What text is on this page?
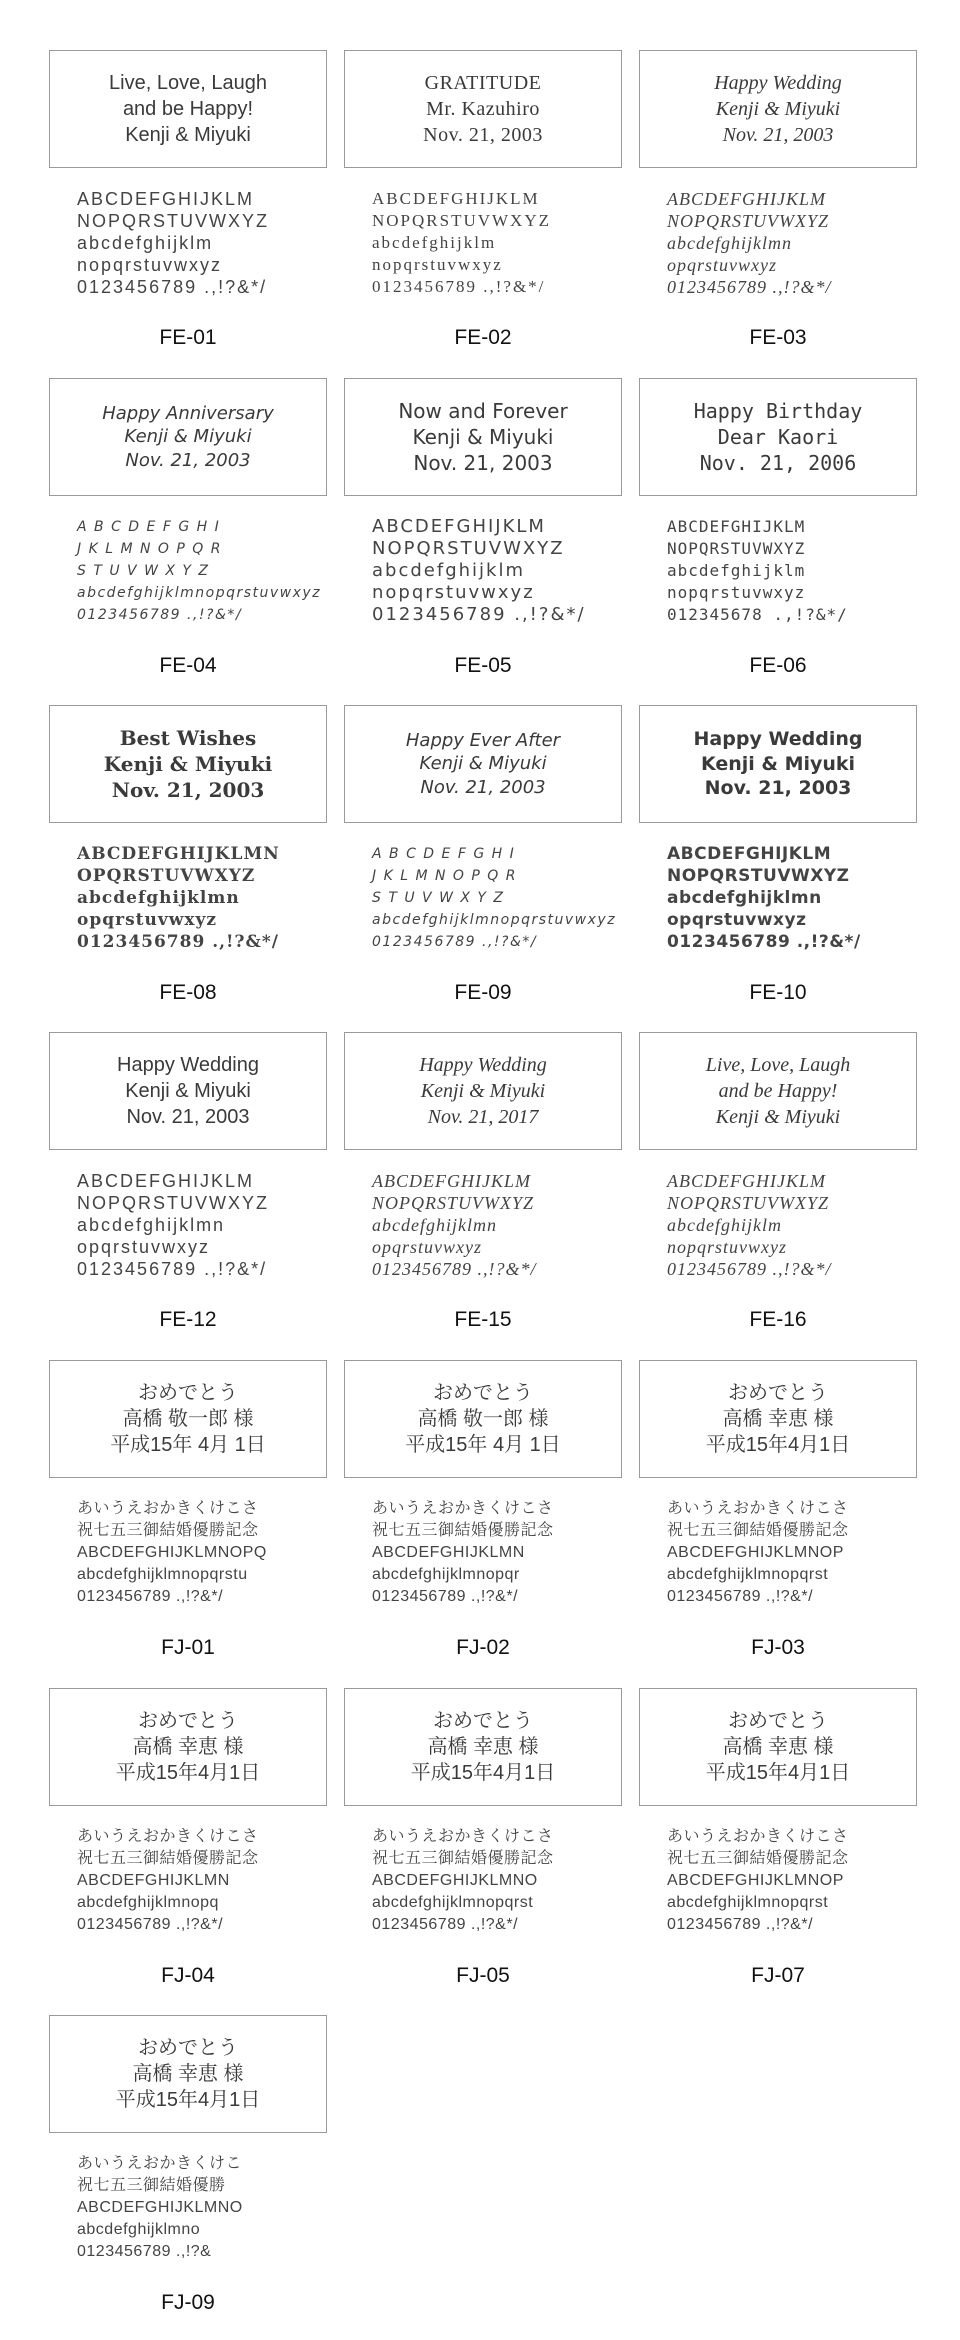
Live, Love, Laugh
and be Happy!
Kenji & Miyuki
ABCDEFGHIJKLM
NOPQRSTUVWXYZ
abcdefghijklm
nopqrstuvwxyz
0123456789 .,!?&*/
FE-01
GRATITUDE
Mr. Kazuhiro
Nov. 21, 2003
ABCDEFGHIJKLM
NOPQRSTUVWXYZ
abcdefghijklm
nopqrstuvwxyz
0123456789 .,!?&*/
FE-02
Happy Wedding
Kenji & Miyuki
Nov. 21, 2003
ABCDEFGHIJKLM
NOPQRSTUVWXYZ
abcdefghijklmn
opqrstuvwxyz
0123456789 .,!?&*/
FE-03
Happy Anniversary
Kenji & Miyuki
Nov. 21, 2003
A B C D E F G H I
J K L M N O P Q R
S T U V W X Y Z
abcdefghijklmnopqrstuvwxyz
0123456789 .,!?&*/
FE-04
Now and Forever
Kenji & Miyuki
Nov. 21, 2003
ABCDEFGHIJKLM
NOPQRSTUVWXYZ
abcdefghijklm
nopqrstuvwxyz
0123456789 .,!?&*/
FE-05
Happy Birthday
Dear Kaori
Nov. 21, 2006
ABCDEFGHIJKLM
NOPQRSTUVWXYZ
abcdefghijklm
nopqrstuvwxyz
012345678 .,!?&*/
FE-06
Best Wishes
Kenji & Miyuki
Nov. 21, 2003
ABCDEFGHIJKLMN
OPQRSTUVWXYZ
abcdefghijklmn
opqrstuvwxyz
0123456789 .,!?&*/
FE-08
Happy Ever After
Kenji & Miyuki
Nov. 21, 2003
A B C D E F G H I
J K L M N O P Q R
S T U V W X Y Z
abcdefghijklmnopqrstuvwxyz
0123456789 .,!?&*/
FE-09
Happy Wedding
Kenji & Miyuki
Nov. 21, 2003
ABCDEFGHIJKLM
NOPQRSTUVWXYZ
abcdefghijklmn
opqrstuvwxyz
0123456789 .,!?&*/
FE-10
Happy Wedding
Kenji & Miyuki
Nov. 21, 2003
ABCDEFGHIJKLM
NOPQRSTUVWXYZ
abcdefghijklmn
opqrstuvwxyz
0123456789 .,!?&*/
FE-12
Happy Wedding
Kenji & Miyuki
Nov. 21, 2017
ABCDEFGHIJKLM
NOPQRSTUVWXYZ
abcdefghijklmn
opqrstuvwxyz
0123456789 .,!?&*/
FE-15
Live, Love, Laugh
and be Happy!
Kenji & Miyuki
ABCDEFGHIJKLM
NOPQRSTUVWXYZ
abcdefghijklm
nopqrstuvwxyz
0123456789 .,!?&*/
FE-16
おめでとう
高橋 敬一郎 様
平成15年 4月 1日
あいうえおかきくけこさ
祝七五三御結婚優勝記念
ABCDEFGHIJKLMNOPQ
abcdefghijklmnopqrstu
0123456789 .,!?&*/
FJ-01
おめでとう
高橋 敬一郎 様
平成15年 4月 1日
あいうえおかきくけこさ
祝七五三御結婚優勝記念
ABCDEFGHIJKLMN
abcdefghijklmnopqr
0123456789 .,!?&*/
FJ-02
おめでとう
高橋 幸恵 様
平成15年4月1日
あいうえおかきくけこさ
祝七五三御結婚優勝記念
ABCDEFGHIJKLMNOP
abcdefghijklmnopqrst
0123456789 .,!?&*/
FJ-03
おめでとう
高橋 幸恵 様
平成15年4月1日
あいうえおかきくけこさ
祝七五三御結婚優勝記念
ABCDEFGHIJKLMN
abcdefghijklmnopq
0123456789 .,!?&*/
FJ-04
おめでとう
高橋 幸恵 様
平成15年4月1日
あいうえおかきくけこさ
祝七五三御結婚優勝記念
ABCDEFGHIJKLMNO
abcdefghijklmnopqrst
0123456789 .,!?&*/
FJ-05
おめでとう
高橋 幸恵 様
平成15年4月1日
あいうえおかきくけこさ
祝七五三御結婚優勝記念
ABCDEFGHIJKLMNOP
abcdefghijklmnopqrst
0123456789 .,!?&*/
FJ-07
おめでとう
高橋 幸恵 様
平成15年4月1日
あいうえおかきくけこ
祝七五三御結婚優勝
ABCDEFGHIJKLMNO
abcdefghijklmno
0123456789 .,!?&
FJ-09
